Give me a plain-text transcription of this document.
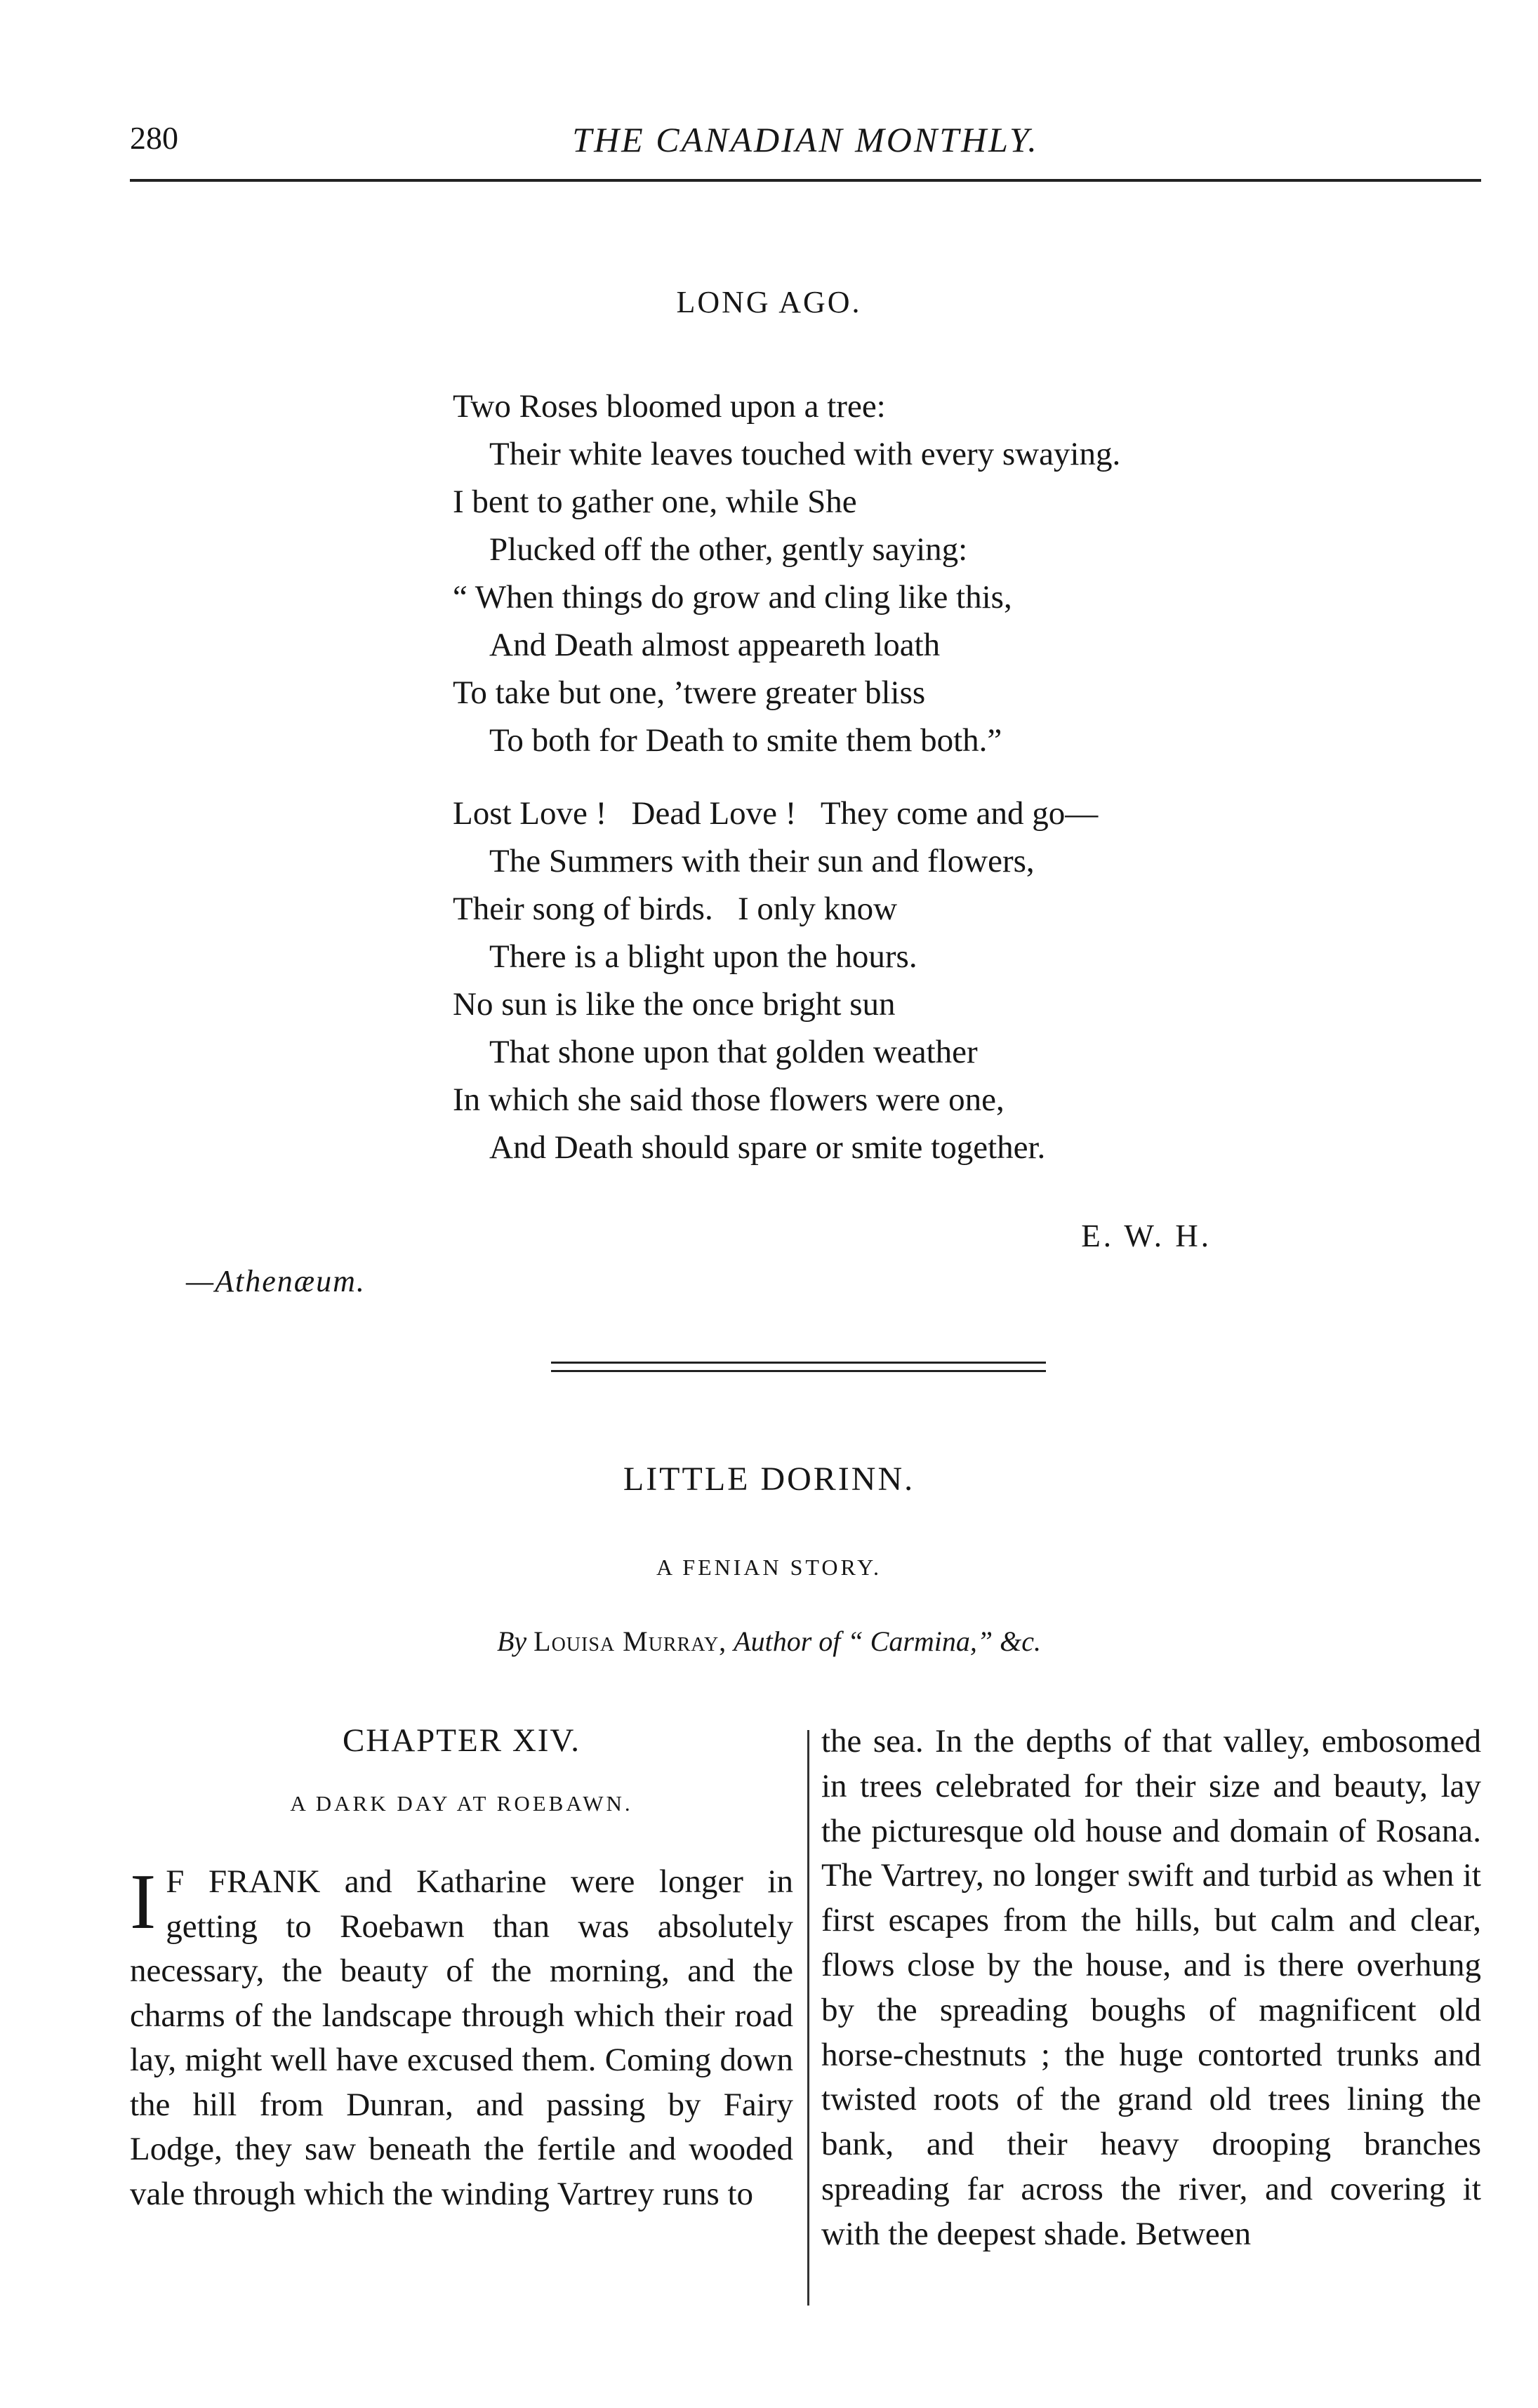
280	THE CANADIAN MONTHLY.
LONG AGO.
Two Roses bloomed upon a tree:
Their white leaves touched with every swaying.
I bent to gather one, while She
Plucked off the other, gently saying:
“ When things do grow and cling like this,
And Death almost appeareth loath
To take but one, ’twere greater bliss
To both for Death to smite them both.”
Lost Love !   Dead Love !   They come and go—
The Summers with their sun and flowers,
Their song of birds.   I only know
There is a blight upon the hours.
No sun is like the once bright sun
That shone upon that golden weather
In which she said those flowers were one,
And Death should spare or smite together.
E. W. H.
—Athenæum.
LITTLE DORINN.
A FENIAN STORY.
By Louisa Murray, Author of “ Carmina,” &c.
CHAPTER XIV.
A DARK DAY AT ROEBAWN.

I F FRANK and Katharine were longer in getting to Roebawn than was absolutely necessary, the beauty of the morning, and the charms of the landscape through which their road lay, might well have excused them. Coming down the hill from Dunran, and passing by Fairy Lodge, they saw beneath the fertile and wooded vale through which the winding Vartrey runs to

the sea. In the depths of that valley, embosomed in trees celebrated for their size and beauty, lay the picturesque old house and domain of Rosana. The Vartrey, no longer swift and turbid as when it first escapes from the hills, but calm and clear, flows close by the house, and is there overhung by the spreading boughs of magnificent old horse-chestnuts ; the huge contorted trunks and twisted roots of the grand old trees lining the bank, and their heavy drooping branches spreading far across the river, and covering it with the deepest shade. Between
